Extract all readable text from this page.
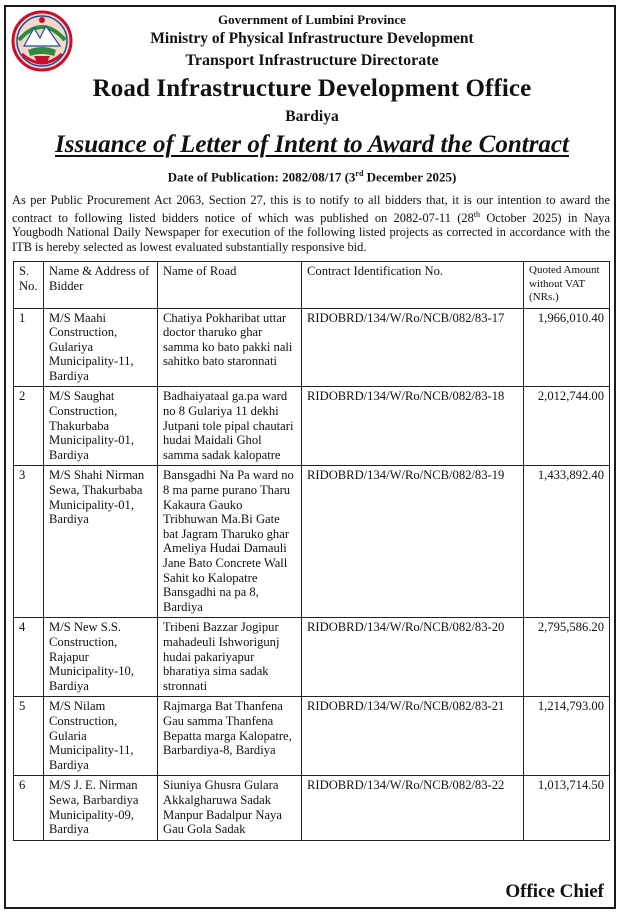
Government of Lumbini Province
Ministry of Physical Infrastructure Development
Transport Infrastructure Directorate
Road Infrastructure Development Office
Bardiya
Issuance of Letter of Intent to Award the Contract
Date of Publication: 2082/08/17 (3rd December 2025)
As per Public Procurement Act 2063, Section 27, this is to notify to all bidders that, it is our intention to award the contract to following listed bidders notice of which was published on 2082-07-11 (28th October 2025) in Naya Yougbodh National Daily Newspaper for execution of the following listed projects as corrected in accordance with the ITB is hereby selected as lowest evaluated substantially responsive bid.
S. No.	Name & Address of Bidder	Name of Road	Contract Identification No.	Quoted Amount without VAT (NRs.)
1	M/S Maahi Construction, Gulariya Municipality-11, Bardiya	Chatiya Pokharibat uttar doctor tharuko ghar samma ko bato pakki nali sahitko bato staronnati	RIDOBRD/134/W/Ro/NCB/082/83-17	1,966,010.40
2	M/S Saughat Construction, Thakurbaba Municipality-01, Bardiya	Badhaiyataal ga.pa ward no 8 Gulariya 11 dekhi Jutpani tole pipal chautari hudai Maidali Ghol samma sadak kalopatre	RIDOBRD/134/W/Ro/NCB/082/83-18	2,012,744.00
3	M/S Shahi Nirman Sewa, Thakurbaba Municipality-01, Bardiya	Bansgadhi Na Pa ward no 8 ma parne purano Tharu Kakaura Gauko Tribhuwan Ma.Bi Gate bat Jagram Tharuko ghar Ameliya Hudai Damauli Jane Bato Concrete Wall Sahit ko Kalopatre Bansgadhi na pa 8, Bardiya	RIDOBRD/134/W/Ro/NCB/082/83-19	1,433,892.40
4	M/S New S.S. Construction, Rajapur Municipality-10, Bardiya	Tribeni Bazzar Jogipur mahadeuli Ishworigunj hudai pakariyapur bharatiya sima sadak stronnati	RIDOBRD/134/W/Ro/NCB/082/83-20	2,795,586.20
5	M/S Nilam Construction, Gularia Municipality-11, Bardiya	Rajmarga Bat Thanfena Gau samma Thanfena Bepatta marga Kalopatre, Barbardiya-8, Bardiya	RIDOBRD/134/W/Ro/NCB/082/83-21	1,214,793.00
6	M/S J. E. Nirman Sewa, Barbardiya Municipality-09, Bardiya	Siuniya Ghusra Gulara Akkalgharuwa Sadak Manpur Badalpur Naya Gau Gola Sadak	RIDOBRD/134/W/Ro/NCB/082/83-22	1,013,714.50
Office Chief
